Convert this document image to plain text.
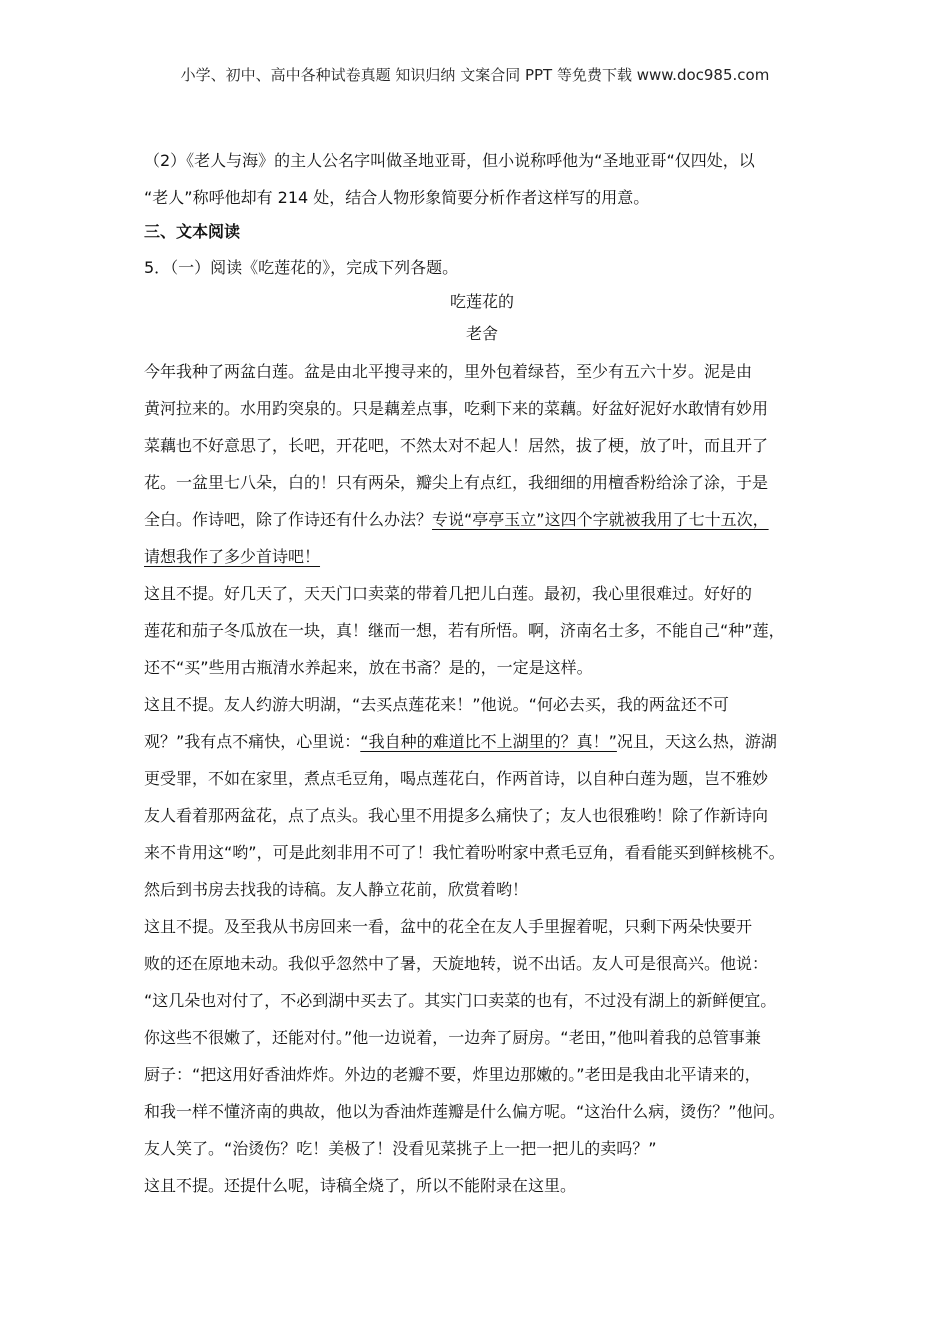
小学、初中、高中各种试卷真题 知识归纳 文案合同 PPT 等免费下载 www.doc985.com
（2）《老人与海》的主人公名字叫做圣地亚哥，但小说称呼他为“圣地亚哥“仅四处，以
“老人”称呼他却有 214 处，结合人物形象简要分析作者这样写的用意。
三、文本阅读
5．（一）阅读《吃莲花的》，完成下列各题。
吃莲花的
老舍
今年我种了两盆白莲。盆是由北平搜寻来的，里外包着绿苔，至少有五六十岁。泥是由
黄河拉来的。水用趵突泉的。只是藕差点事，吃剩下来的菜藕。好盆好泥好水敢情有妙用
菜藕也不好意思了，长吧，开花吧，不然太对不起人！居然，拔了梗，放了叶，而且开了
花。一盆里七八朵，白的！只有两朵，瓣尖上有点红，我细细的用檀香粉给涂了涂，于是
全白。作诗吧，除了作诗还有什么办法？专说“亭亭玉立”这四个字就被我用了七十五次，
请想我作了多少首诗吧！
这且不提。好几天了，天天门口卖菜的带着几把儿白莲。最初，我心里很难过。好好的
莲花和茄子冬瓜放在一块，真！继而一想，若有所悟。啊，济南名士多，不能自己“种”莲，
还不“买”些用古瓶清水养起来，放在书斋？是的，一定是这样。
这且不提。友人约游大明湖，“去买点莲花来！”他说。“何必去买，我的两盆还不可
观？”我有点不痛快，心里说：“我自种的难道比不上湖里的？真！”况且，天这么热，游湖
更受罪，不如在家里，煮点毛豆角，喝点莲花白，作两首诗，以自种白莲为题，岂不雅妙
友人看着那两盆花，点了点头。我心里不用提多么痛快了；友人也很雅哟！除了作新诗向
来不肯用这“哟”，可是此刻非用不可了！我忙着吩咐家中煮毛豆角，看看能买到鲜核桃不。
然后到书房去找我的诗稿。友人静立花前，欣赏着哟！
这且不提。及至我从书房回来一看，盆中的花全在友人手里握着呢，只剩下两朵快要开
败的还在原地未动。我似乎忽然中了暑，天旋地转，说不出话。友人可是很高兴。他说：
“这几朵也对付了，不必到湖中买去了。其实门口卖菜的也有，不过没有湖上的新鲜便宜。
你这些不很嫩了，还能对付。”他一边说着，一边奔了厨房。“老田，”他叫着我的总管事兼
厨子：“把这用好香油炸炸。外边的老瓣不要，炸里边那嫩的。”老田是我由北平请来的，
和我一样不懂济南的典故，他以为香油炸莲瓣是什么偏方呢。“这治什么病，烫伤？”他问。
友人笑了。“治烫伤？吃！美极了！没看见菜挑子上一把一把儿的卖吗？”
这且不提。还提什么呢，诗稿全烧了，所以不能附录在这里。
